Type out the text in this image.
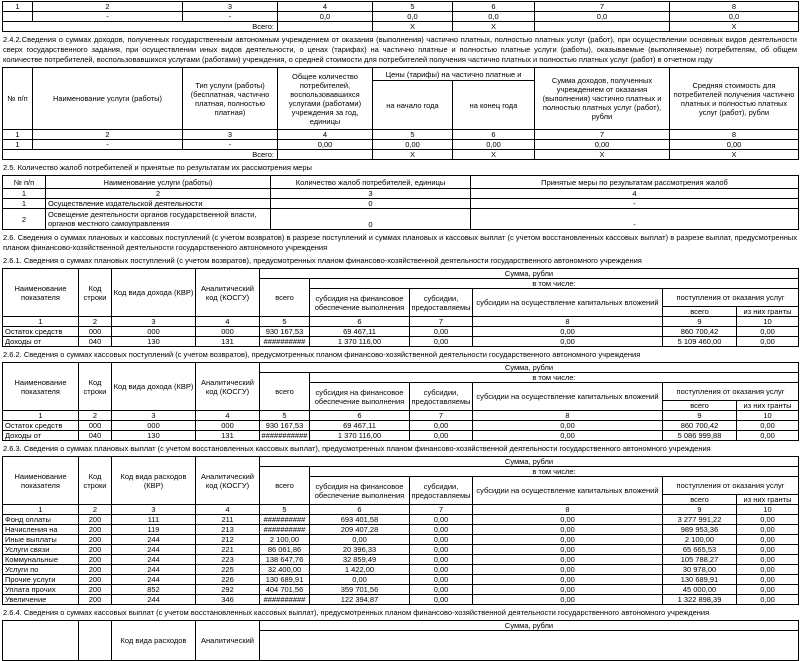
1	2	3	4	5	6	7	8
	-	-	0,0	0,0	0,0	0,0	0,0
Всего:				X	X		X
2.4.2.Сведения о суммах доходов, полученных государственным автономным учреждением от оказания (выполнения) частично платных, полностью платных услуг (работ), при осуществлении основных видов деятельности сверх государственного задания, при осуществлении иных видов деятельности, о ценах (тарифах) на частично платные и полностью платные услуги (работы), оказываемые (выполняемые) потребителям, об общем количестве потребителей, воспользовавшихся услугами (работами) учреждения, о средней стоимости для потребителей получения частично платных и полностью платных услуг (работ) в отчетном году
№ п/п	Наименование услуги (работы)	Тип услуги (работы) (бесплатная, частично платная, полностью платная)	Общее количество потребителей, воспользовавшихся услугами (работами) учреждения за год, единицы	Цены (тарифы) на частично платные и		Сумма доходов, полученных учреждением от оказания (выполнения) частично платных и полностью платных услуг (работ), рубли	Средняя стоимость для потребителей получения частично платных и полностью платных услуг (работ), рубли
				на начало года	на конец года		
1	2	3	4	5	6	7	8
1	-	-	0,00	0,00	0,00	0,00	0,00
Всего:				X	X	X	X
2.5. Количество жалоб потребителей и принятые по результатам их рассмотрения меры
№ п/п	Наименование услуги (работы)	Количество жалоб потребителей, единицы	Принятые меры по результатам рассмотрения жалоб
1	2	3	4
1	Осуществление издательской деятельности	0	-
2	Освещение деятельности органов государственной власти, органов местного самоуправления	0	-
2.6. Сведения о суммах плановых и кассовых поступлений (с учетом возвратов) в разрезе поступлений и суммах плановых и кассовых выплат (с учетом восстановленных кассовых выплат) в разрезе выплат, предусмотренных планом финансово-хозяйственной деятельности государственного автономного учреждения
2.6.1. Сведения о суммах плановых поступлений (с учетом возвратов), предусмотренных планом финансово-хозяйственной деятельности государственного автономного учреждения
Наименование показателя	Код строки	Код вида дохода (КВР)	Аналитический код (КОСГУ)	Сумма, рубли					
				всего	в том числе:				
					субсидия на финансовое обеспечение выполнения	субсидии, предоставляемы	субсидии на осуществление капитальных вложений	поступления от оказания услуг	
								всего	из них гранты
1	2	3	4	5	6	7	8	9	10
Остаток средств	000	000	000	930 167,53	69 467,11	0,00	0,00	860 700,42	0,00
Доходы от	040	130	131	##########	1 370 116,00	0,00	0,00	5 109 460,00	0,00
2.6.2. Сведения о суммах кассовых поступлений (с учетом возвратов), предусмотренных планом финансово-хозяйственной деятельности государственного автономного учреждения
Наименование показателя	Код строки	Код вида дохода (КВР)	Аналитический код (КОСГУ)	Сумма, рубли					
				всего	в том числе:				
					субсидия на финансовое обеспечение выполнения	субсидии, предоставляемы	субсидии на осуществление капитальных вложений	поступления от оказания услуг	
								всего	из них гранты
1	2	3	4	5	6	7	8	9	10
Остаток средств	000	000	000	930 167,53	69 467,11	0,00	0,00	860 700,42	0,00
Доходы от	040	130	131	###########	1 370 116,00	0,00	0,00	5 086 999,88	0,00
2.6.3. Сведения о суммах плановых выплат (с учетом восстановленных кассовых выплат), предусмотренных планом финансово-хозяйственной деятельности государственного автономного учреждения
Наименование показателя	Код строки	Код вида расходов (КВР)	Аналитический код (КОСГУ)	Сумма, рубли					
				всего	в том числе:				
					субсидия на финансовое обеспечение выполнения	субсидии, предоставляемы	субсидии на осуществление капитальных вложений	поступления от оказания услуг	
								всего	из них гранты
1	2	3	4	5	6	7	8	9	10
Фонд оплаты	200	111	211	##########	693 401,58	0,00	0,00	3 277 991,22	0,00
Начисления на	200	119	213	##########	209 407,28	0,00	0,00	989 953,36	0,00
Иные выплаты	200	244	212	2 100,00	0,00	0,00	0,00	2 100,00	0,00
Услуги связи	200	244	221	86 061,86	20 396,33	0,00	0,00	65 665,53	0,00
Коммунальные	200	244	223	138 647,76	32 859,49	0,00	0,00	105 788,27	0,00
Услуги по	200	244	225	32 400,00	1 422,00	0,00	0,00	30 978,00	0,00
Прочие услуги	200	244	226	130 689,91	0,00	0,00	0,00	130 689,91	0,00
Уплата прочих	200	852	292	404 701,56	359 701,56	0,00	0,00	45 000,00	0,00
Увеличение	200	244	346	##########	122 394,87	0,00	0,00	1 322 898,39	0,00
2.6.4. Сведения о суммах кассовых выплат (с учетом восстановленных кассовых выплат), предусмотренных планом финансово-хозяйственной деятельности государственного автономного учреждения
		Код вида расходов	Аналитический	Сумма, рубли
